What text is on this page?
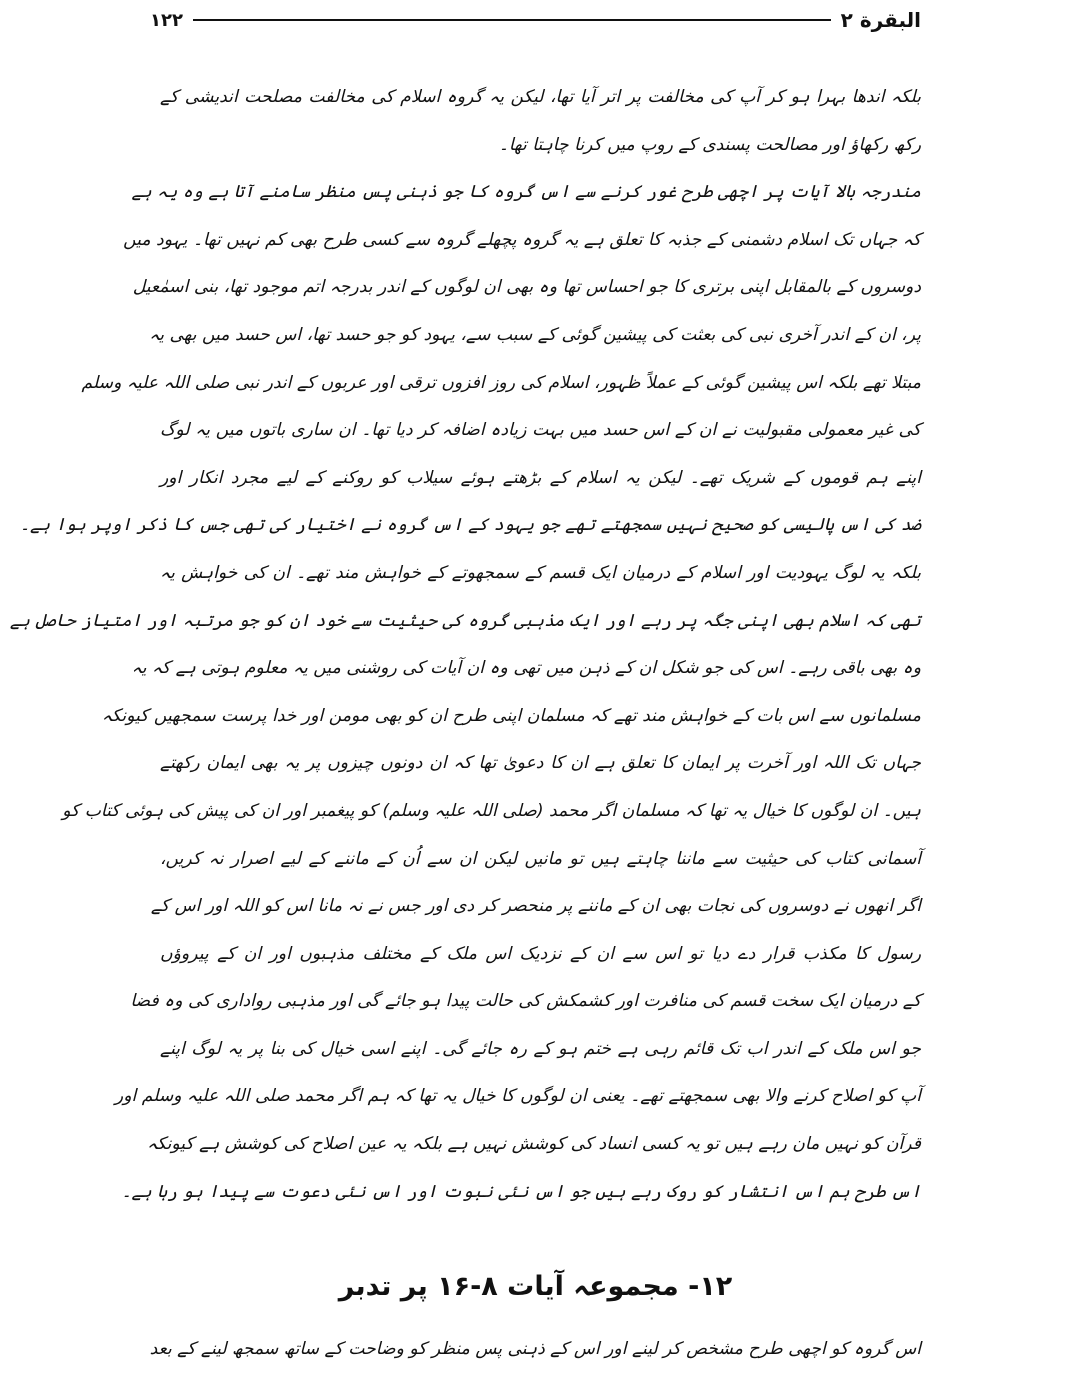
البقرة ٢
١٢٢
بلکہ اندھا بہرا ہو کر آپ کی مخالفت پر اتر آیا تھا، لیکن یہ گروہ اسلام کی مخالفت مصلحت اندیشی کے
رکھ رکھاؤ اور مصالحت پسندی کے روپ میں کرنا چاہتا تھا۔
مندرجہ بالا آیات پر اچھی طرح غور کرنے سے اس گروہ کا جو ذہنی پس منظر سامنے آتا ہے وہ یہ ہے
کہ جہاں تک اسلام دشمنی کے جذبہ کا تعلق ہے یہ گروہ پچھلے گروہ سے کسی طرح بھی کم نہیں تھا۔ یہود میں
دوسروں کے بالمقابل اپنی برتری کا جو احساس تھا وہ بھی ان لوگوں کے اندر بدرجہ اتم موجود تھا، بنی اسمٰعیل
پر، ان کے اندر آخری نبی کی بعثت کی پیشین گوئی کے سبب سے، یہود کو جو حسد تھا، اس حسد میں بھی یہ
مبتلا تھے بلکہ اس پیشین گوئی کے عملاً ظہور، اسلام کی روز افزوں ترقی اور عربوں کے اندر نبی صلی اللہ علیہ وسلم
کی غیر معمولی مقبولیت نے ان کے اس حسد میں بہت زیادہ اضافہ کر دیا تھا۔ ان ساری باتوں میں یہ لوگ
اپنے ہم قوموں کے شریک تھے۔ لیکن یہ اسلام کے بڑھتے ہوئے سیلاب کو روکنے کے لیے مجرد انکار اور
ضد کی اس پالیسی کو صحیح نہیں سمجھتے تھے جو یہود کے اس گروہ نے اختیار کی تھی جس کا ذکر اوپر ہوا ہے۔
بلکہ یہ لوگ یہودیت اور اسلام کے درمیان ایک قسم کے سمجھوتے کے خواہش مند تھے۔ ان کی خواہش یہ
تھی کہ اسلام بھی اپنی جگہ پر رہے اور ایک مذہبی گروہ کی حیثیت سے خود ان کو جو مرتبہ اور امتیاز حاصل ہے
وہ بھی باقی رہے۔ اس کی جو شکل ان کے ذہن میں تھی وہ ان آیات کی روشنی میں یہ معلوم ہوتی ہے کہ یہ
مسلمانوں سے اس بات کے خواہش مند تھے کہ مسلمان اپنی طرح ان کو بھی مومن اور خدا پرست سمجھیں کیونکہ
جہاں تک اللہ اور آخرت پر ایمان کا تعلق ہے ان کا دعویٰ تھا کہ ان دونوں چیزوں پر یہ بھی ایمان رکھتے
ہیں۔ ان لوگوں کا خیال یہ تھا کہ مسلمان اگر محمد (صلی اللہ علیہ وسلم) کو پیغمبر اور ان کی پیش کی ہوئی کتاب کو
آسمانی کتاب کی حیثیت سے ماننا چاہتے ہیں تو مانیں لیکن ان سے اُن کے ماننے کے لیے اصرار نہ کریں،
اگر انھوں نے دوسروں کی نجات بھی ان کے ماننے پر منحصر کر دی اور جس نے نہ مانا اس کو اللہ اور اس کے
رسول کا مکذب قرار دے دیا تو اس سے ان کے نزدیک اس ملک کے مختلف مذہبوں اور ان کے پیروؤں
کے درمیان ایک سخت قسم کی منافرت اور کشمکش کی حالت پیدا ہو جائے گی اور مذہبی رواداری کی وہ فضا
جو اس ملک کے اندر اب تک قائم رہی ہے ختم ہو کے رہ جائے گی۔ اپنے اسی خیال کی بنا پر یہ لوگ اپنے
آپ کو اصلاح کرنے والا بھی سمجھتے تھے۔ یعنی ان لوگوں کا خیال یہ تھا کہ ہم اگر محمد صلی اللہ علیہ وسلم اور
قرآن کو نہیں مان رہے ہیں تو یہ کسی انساد کی کوشش نہیں ہے بلکہ یہ عین اصلاح کی کوشش ہے کیونکہ
اس طرح ہم اس انتشار کو روک رہے ہیں جو اس نئی نبوت اور اس نئی دعوت سے پیدا ہو رہا ہے۔
۱۲- مجموعہ آیات ۸-۱۶ پر تدبر
اس گروہ کو اچھی طرح مشخص کر لینے اور اس کے ذہنی پس منظر کو وضاحت کے ساتھ سمجھ لینے کے بعد
